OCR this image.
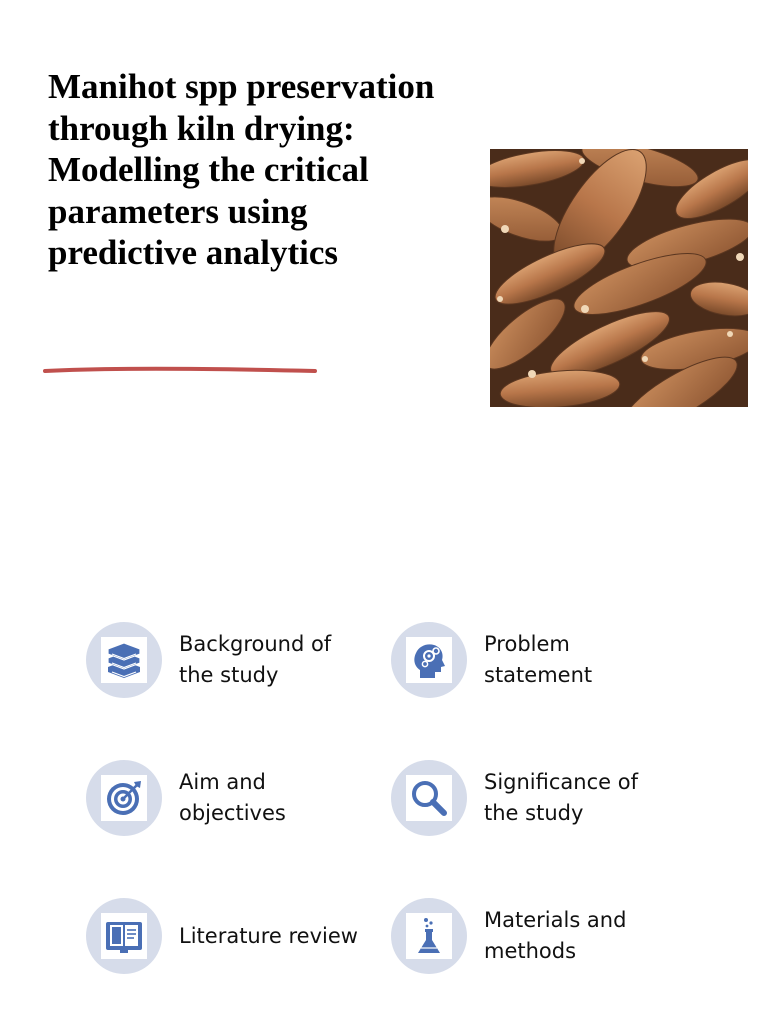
Manihot spp preservation through kiln drying: Modelling the critical parameters using predictive analytics
Background of
the study
Problem
statement
Aim and
objectives
Significance of
the study
Literature review
Materials and
methods
